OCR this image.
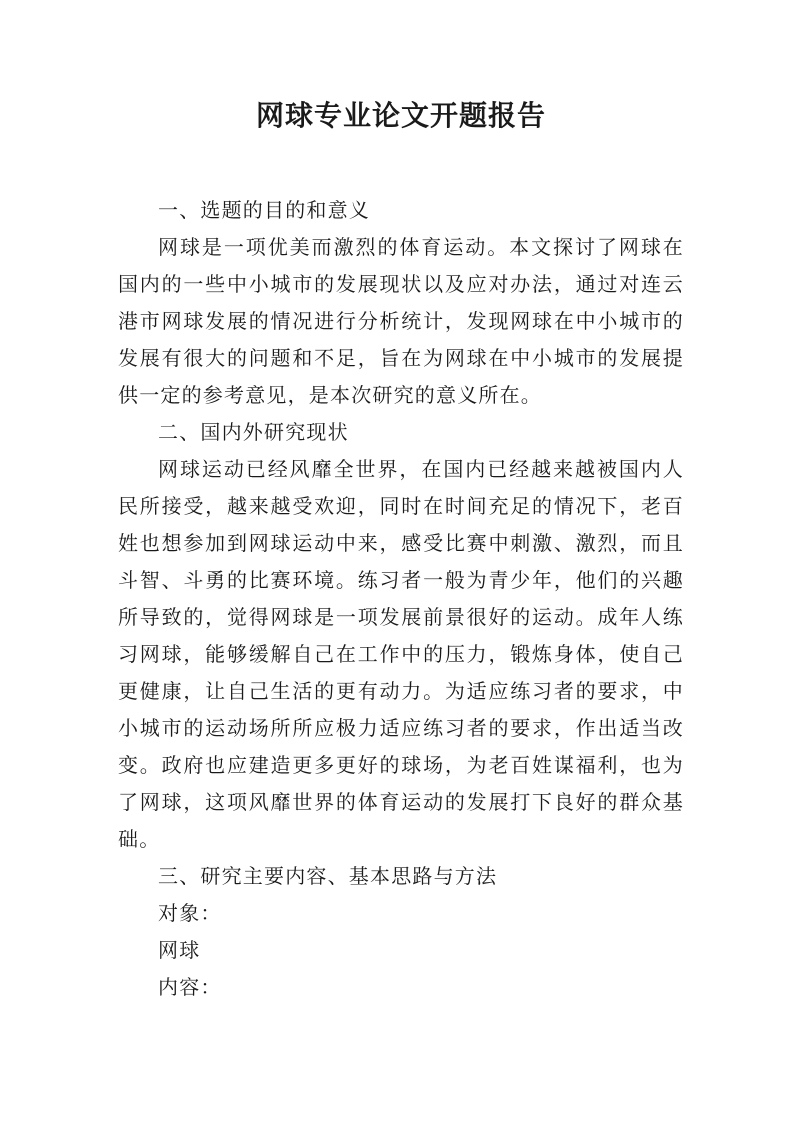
网球专业论文开题报告

一、选题的目的和意义

网球是一项优美而激烈的体育运动。本文探讨了网球在国内的一些中小城市的发展现状以及应对办法，通过对连云港市网球发展的情况进行分析统计，发现网球在中小城市的发展有很大的问题和不足，旨在为网球在中小城市的发展提供一定的参考意见，是本次研究的意义所在。

二、国内外研究现状

网球运动已经风靡全世界，在国内已经越来越被国内人民所接受，越来越受欢迎，同时在时间充足的情况下，老百姓也想参加到网球运动中来，感受比赛中刺激、激烈，而且斗智、斗勇的比赛环境。练习者一般为青少年，他们的兴趣所导致的，觉得网球是一项发展前景很好的运动。成年人练习网球，能够缓解自己在工作中的压力，锻炼身体，使自己更健康，让自己生活的更有动力。为适应练习者的要求，中小城市的运动场所所应极力适应练习者的要求，作出适当改变。政府也应建造更多更好的球场，为老百姓谋福利，也为了网球，这项风靡世界的体育运动的发展打下良好的群众基础。

三、研究主要内容、基本思路与方法

对象：

网球

内容：
